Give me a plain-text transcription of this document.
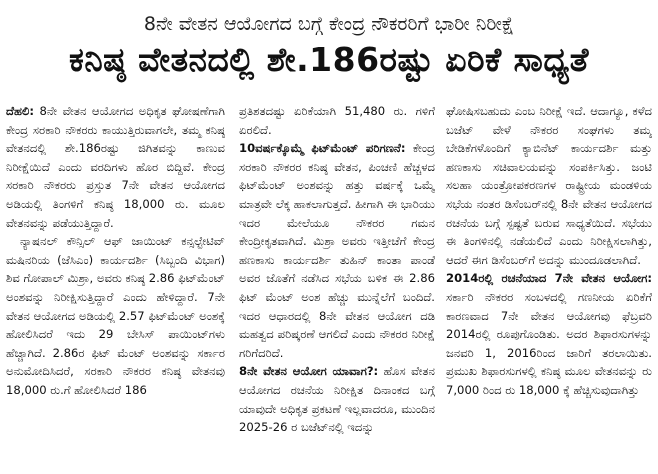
8ನೇ ವೇತನ ಆಯೋಗದ ಬಗ್ಗೆ ಕೇಂದ್ರ ನೌಕರರಿಗೆ ಭಾರೀ ನಿರೀಕ್ಷೆ
ಕನಿಷ್ಠ ವೇತನದಲ್ಲಿ ಶೇ.186ರಷ್ಟು ಏರಿಕೆ ಸಾಧ್ಯತೆ

ದೆಹಲಿ: 8ನೇ ವೇತನ ಆಯೋಗದ ಅಧಿಕೃತ ಘೋಷಣೆಗಾಗಿ ಕೇಂದ್ರ ಸರಕಾರಿ ನೌಕರರು ಕಾಯುತ್ತಿರುವಾಗಲೇ, ತಮ್ಮ ಕನಿಷ್ಠ ವೇತನದಲ್ಲಿ ಶೇ.186ರಷ್ಟು ಜಿಗಿತವನ್ನು ಕಾಣುವ ನಿರೀಕ್ಷೆಯಿದೆ ಎಂದು ವರದಿಗಳು ಹೊರ ಬಿದ್ದಿವೆ. ಕೇಂದ್ರ ಸರಕಾರಿ ನೌಕರರು ಪ್ರಸ್ತುತ 7ನೇ ವೇತನ ಆಯೋಗದ ಅಡಿಯಲ್ಲಿ ತಿಂಗಳಿಗೆ ಕನಿಷ್ಠ 18,000 ರು. ಮೂಲ ವೇತನವನ್ನು ಪಡೆಯುತ್ತಿದ್ದಾರೆ.

ನ್ಯಾಷನಲ್ ಕೌನ್ಸಿಲ್ ಆಫ್ ಜಾಯಿಂಟ್ ಕನ್ಸಲ್ಟೇಟಿವ್ ಮಷಿನರಿಯ (ಜೆಸಿಎಂ) ಕಾರ್ಯದರ್ಶಿ (ಸಿಬ್ಬಂದಿ ವಿಭಾಗ) ಶಿವ ಗೋಪಾಲ್ ಮಿಶ್ರಾ, ಅವರು ಕನಿಷ್ಠ 2.86 ಫಿಟ್‌ಮೆಂಟ್ ಅಂಶವನ್ನು ನಿರೀಕ್ಷಿಸುತ್ತಿದ್ದಾರೆ ಎಂದು ಹೇಳಿದ್ದಾರೆ. 7ನೇ ವೇತನ ಆಯೋಗದ ಅಡಿಯಲ್ಲಿ 2.57 ಫಿಟ್‌ಮೆಂಟ್ ಅಂಶಕ್ಕೆ ಹೋಲಿಸಿದರೆ ಇದು 29 ಬೇಸಿಸ್ ಪಾಯಿಂಟ್‌ಗಳು ಹೆಚ್ಚಾಗಿದೆ. 2.86ರ ಫಿಟ್ ಮೆಂಟ್ ಅಂಶವನ್ನು ಸರ್ಕಾರ ಅನುಮೋದಿಸಿದರೆ, ಸರಕಾರಿ ನೌಕರರ ಕನಿಷ್ಠ ವೇತನವು 18,000 ರು.ಗೆ ಹೋಲಿಸಿದರೆ 186

ಪ್ರತಿಶತದಷ್ಟು ಏರಿಕೆಯಾಗಿ 51,480 ರು. ಗಳಿಗೆ ಏರಲಿದೆ.

10ವರ್ಷಕ್ಕೊಮ್ಮೆ ಫಿಟ್‌ಮೆಂಟ್ ಪರಿಗಣನೆ: ಕೇಂದ್ರ ಸರಕಾರಿ ನೌಕರರ ಕನಿಷ್ಠ ವೇತನ, ಪಿಂಚಣಿ ಹೆಚ್ಚಳದ ಫಿಟ್‌ಮೆಂಟ್ ಅಂಶವನ್ನು ಹತ್ತು ವರ್ಷಕ್ಕೆ ಒಮ್ಮೆ ಮಾತ್ರವೇ ಲೆಕ್ಕ ಹಾಕಲಾಗುತ್ತದೆ. ಹೀಗಾಗಿ ಈ ಭಾರಿಯು ಇದರ ಮೇಲೆಯೂ ನೌಕರರ ಗಮನ ಕೇಂದ್ರೀಕೃತವಾಗಿದೆ. ಮಿಶ್ರಾ ಅವರು ಇತ್ತೀಚೆಗೆ ಕೇಂದ್ರ ಹಣಕಾಸು ಕಾರ್ಯದರ್ಶಿ ತುಹಿನ್ ಕಾಂತಾ ಪಾಂಡೆ ಅವರ ಜೊತೆಗೆ ನಡೆಸಿದ ಸಭೆಯ ಬಳಿಕ ಈ 2.86 ಫಿಟ್ ಮೆಂಟ್ ಅಂಶ ಹೆಚ್ಚು ಮುನ್ನೆಲೆಗೆ ಬಂದಿದೆ. ಇದರ ಆಧಾರದಲ್ಲಿ 8ನೇ ವೇತನ ಆಯೋಗ ದಡಿ ಮಹತ್ವದ ಪರಿಷ್ಕರಣೆ ಆಗಲಿದೆ ಎಂದು ನೌಕರರ ನಿರೀಕ್ಷೆ ಗರಿಗೆದರಿದೆ.

8ನೇ ವೇತನ ಆಯೋಗ ಯಾವಾಗ?: ಹೊಸ ವೇತನ ಆಯೋಗದ ರಚನೆಯ ನಿರೀಕ್ಷಿತ ದಿನಾಂಕದ ಬಗ್ಗೆ ಯಾವುದೇ ಅಧಿಕೃತ ಪ್ರಕಟಣೆ ಇಲ್ಲವಾದರೂ, ಮುಂದಿನ 2025-26 ರ ಬಜೆಟ್‌ನಲ್ಲಿ ಇದನ್ನು

ಘೋಷಿಸಬಹುದು ಎಂಬ ನಿರೀಕ್ಷೆ ಇದೆ. ಆದಾಗ್ಯೂ, ಕಳೆದ ಬಜೆಟ್ ವೇಳೆ ನೌಕರರ ಸಂಘಗಳು ತಮ್ಮ ಬೇಡಿಕೆಗಳೊಂದಿಗೆ ಕ್ಯಾಬಿನೆಟ್ ಕಾರ್ಯದರ್ಶಿ ಮತ್ತು ಹಣಕಾಸು ಸಚಿವಾಲಯವನ್ನು ಸಂಪರ್ಕಿಸಿತ್ತು. ಜಂಟಿ ಸಲಹಾ ಯಂತ್ರೋಪಕರಣಗಳ ರಾಷ್ಟ್ರೀಯ ಮಂಡಳಿಯ ಸಭೆಯ ನಂತರ ಡಿಸೆಂಬರ್‌ನಲ್ಲಿ 8ನೇ ವೇತನ ಆಯೋಗದ ರಚನೆಯ ಬಗ್ಗೆ ಸ್ಪಷ್ಟತೆ ಬರುವ ಸಾಧ್ಯತೆಯಿದೆ. ಸಭೆಯು ಈ ತಿಂಗಳಿನಲ್ಲಿ ನಡೆಯಲಿದೆ ಎಂದು ನಿರೀಕ್ಷಿಸಲಾಗಿತ್ತು, ಆದರೆ ಈಗ ಡಿಸೆಂಬರ್‌ಗೆ ಅದನ್ನು ಮುಂದೂಡಲಾಗಿದೆ.

2014ರಲ್ಲಿ ರಚನೆಯಾದ 7ನೇ ವೇತನ ಆಯೋಗ: ಸರ್ಕಾರಿ ನೌಕರರ ಸಂಬಳದಲ್ಲಿ ಗಣನೀಯ ಏರಿಕೆಗೆ ಕಾರಣವಾದ 7ನೇ ವೇತನ ಆಯೋಗವು ಫೆಬ್ರವರಿ 2014ರಲ್ಲಿ ರೂಪುಗೊಂಡಿತು. ಅದರ ಶಿಫಾರಸುಗಳನ್ನು ಜನವರಿ 1, 2016ರಿಂದ ಜಾರಿಗೆ ತರಲಾಯಿತು. ಪ್ರಮುಖ ಶಿಫಾರಸುಗಳಲ್ಲಿ ಕನಿಷ್ಠ ಮೂಲ ವೇತನವನ್ನು ರು 7,000 ರಿಂದ ರು 18,000 ಕ್ಕೆ ಹೆಚ್ಚಿಸುವುದಾಗಿತ್ತು
